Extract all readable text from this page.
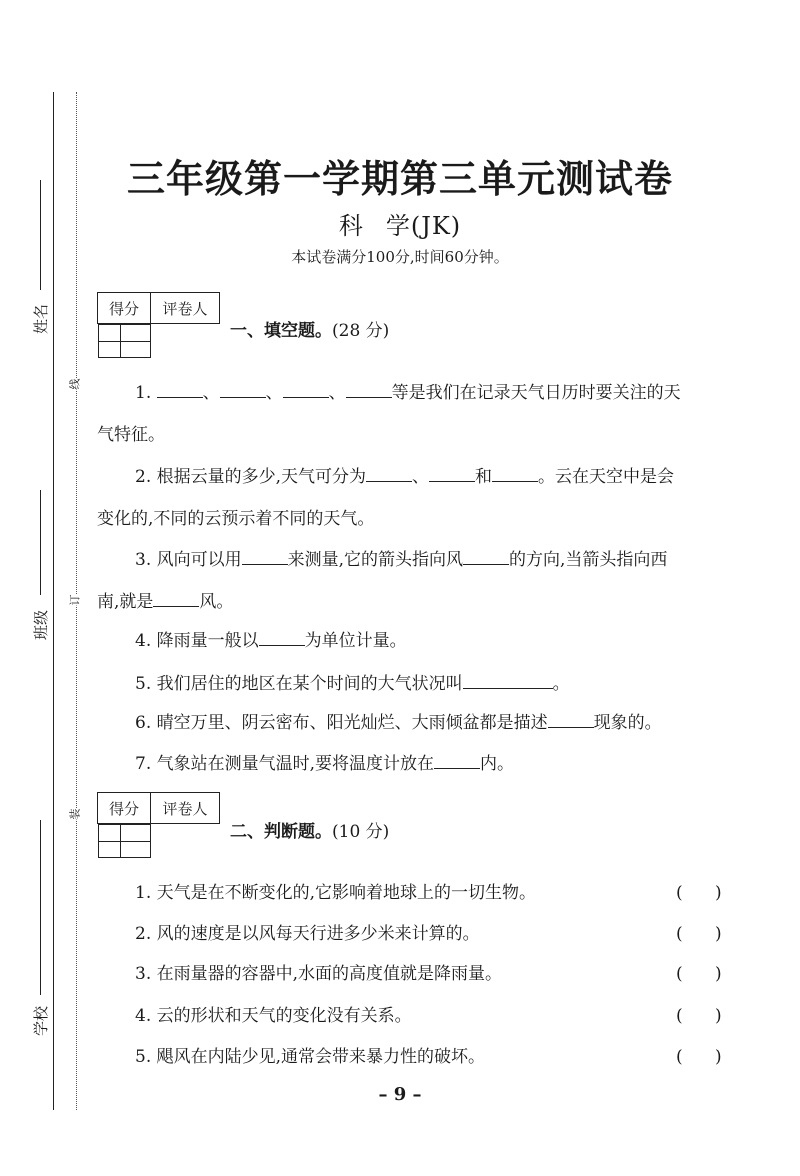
姓名
班级
学校
线
订
装
三年级第一学期第三单元测试卷
科 学(JK)
本试卷满分100分,时间60分钟。
得分	评卷人

一、填空题。(28 分)
1.	、	、	、	等是我们在记录天气日历时要关注的天
气特征。
2. 根据云量的多少,天气可分为	、	和	。云在天空中是会
变化的,不同的云预示着不同的天气。
3. 风向可以用	来测量,它的箭头指向风	的方向,当箭头指向西
南,就是	风。
4. 降雨量一般以	为单位计量。
5. 我们居住的地区在某个时间的大气状况叫	。
6. 晴空万里、阴云密布、阳光灿烂、大雨倾盆都是描述	现象的。
7. 气象站在测量气温时,要将温度计放在	内。
得分	评卷人

二、判断题。(10 分)
1. 天气是在不断变化的,它影响着地球上的一切生物。	(      )
2. 风的速度是以风每天行进多少米来计算的。	(      )
3. 在雨量器的容器中,水面的高度值就是降雨量。	(      )
4. 云的形状和天气的变化没有关系。	(      )
5. 飓风在内陆少见,通常会带来暴力性的破坏。	(      )
– 9 –
